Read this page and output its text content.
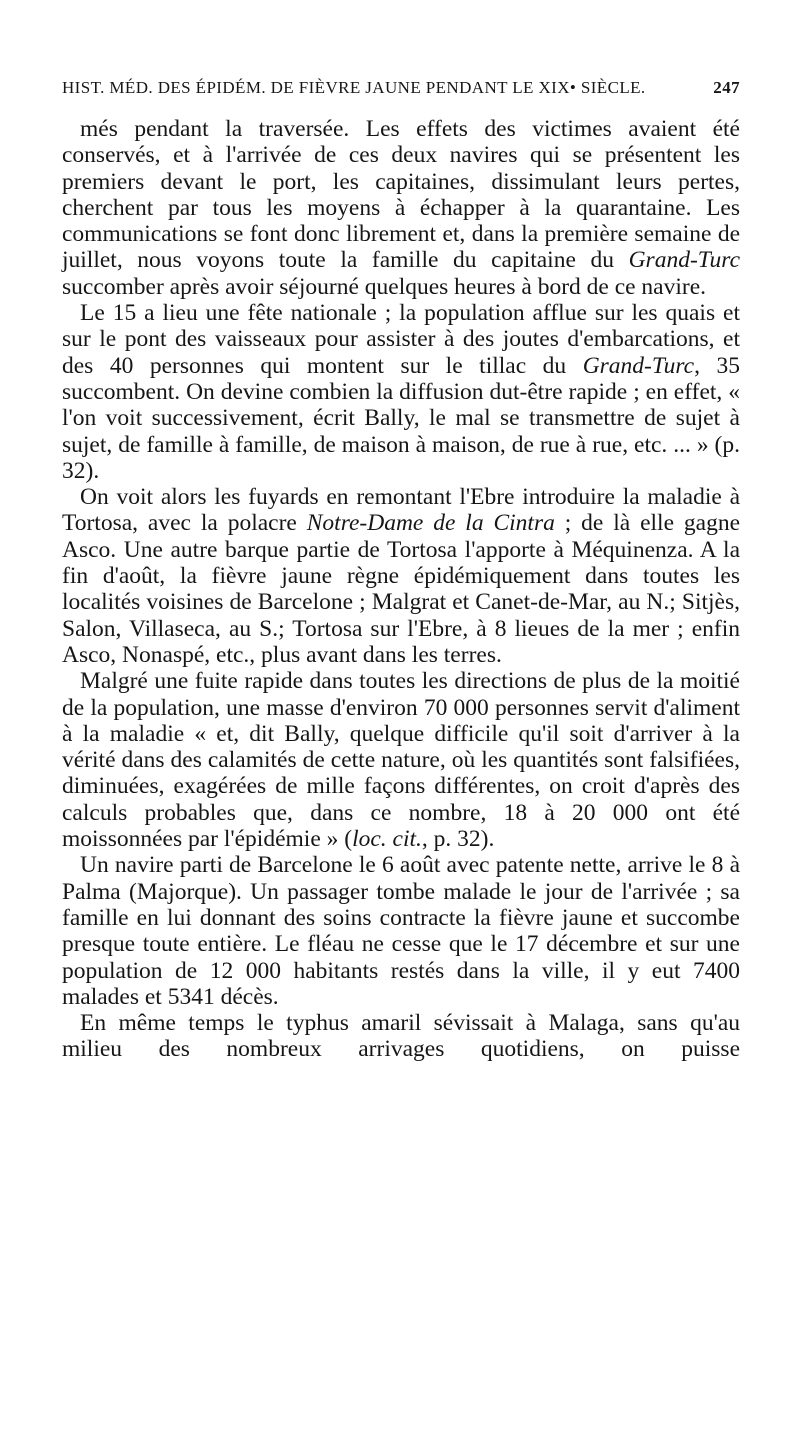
HIST. MÉD. DES ÉPIDÉM. DE FIÈVRE JAUNE PENDANT LE XIX• SIÈCLE.	247

més pendant la traversée. Les effets des victimes avaient été conservés, et à l'arrivée de ces deux navires qui se présentent les premiers devant le port, les capitaines, dissimulant leurs pertes, cherchent par tous les moyens à échapper à la quarantaine. Les communications se font donc librement et, dans la première semaine de juillet, nous voyons toute la famille du capitaine du Grand-Turc succomber après avoir séjourné quelques heures à bord de ce navire.

Le 15 a lieu une fête nationale ; la population afflue sur les quais et sur le pont des vaisseaux pour assister à des joutes d'embarcations, et des 40 personnes qui montent sur le tillac du Grand-Turc, 35 succombent. On devine combien la diffusion dut-être rapide ; en effet, « l'on voit successivement, écrit Bally, le mal se transmettre de sujet à sujet, de famille à famille, de maison à maison, de rue à rue, etc. ... » (p. 32).

On voit alors les fuyards en remontant l'Ebre introduire la maladie à Tortosa, avec la polacre Notre-Dame de la Cintra ; de là elle gagne Asco. Une autre barque partie de Tortosa l'apporte à Méquinenza. A la fin d'août, la fièvre jaune règne épidémiquement dans toutes les localités voisines de Barcelone ; Malgrat et Canet-de-Mar, au N.; Sitjès, Salon, Villaseca, au S.; Tortosa sur l'Ebre, à 8 lieues de la mer ; enfin Asco, Nonaspé, etc., plus avant dans les terres.

Malgré une fuite rapide dans toutes les directions de plus de la moitié de la population, une masse d'environ 70 000 personnes servit d'aliment à la maladie « et, dit Bally, quelque difficile qu'il soit d'arriver à la vérité dans des calamités de cette nature, où les quantités sont falsifiées, diminuées, exagérées de mille façons différentes, on croit d'après des calculs probables que, dans ce nombre, 18 à 20 000 ont été moissonnées par l'épidémie » (loc. cit., p. 32).

Un navire parti de Barcelone le 6 août avec patente nette, arrive le 8 à Palma (Majorque). Un passager tombe malade le jour de l'arrivée ; sa famille en lui donnant des soins contracte la fièvre jaune et succombe presque toute entière. Le fléau ne cesse que le 17 décembre et sur une population de 12 000 habitants restés dans la ville, il y eut 7400 malades et 5341 décès.

En même temps le typhus amaril sévissait à Malaga, sans qu'au milieu des nombreux arrivages quotidiens, on puisse
